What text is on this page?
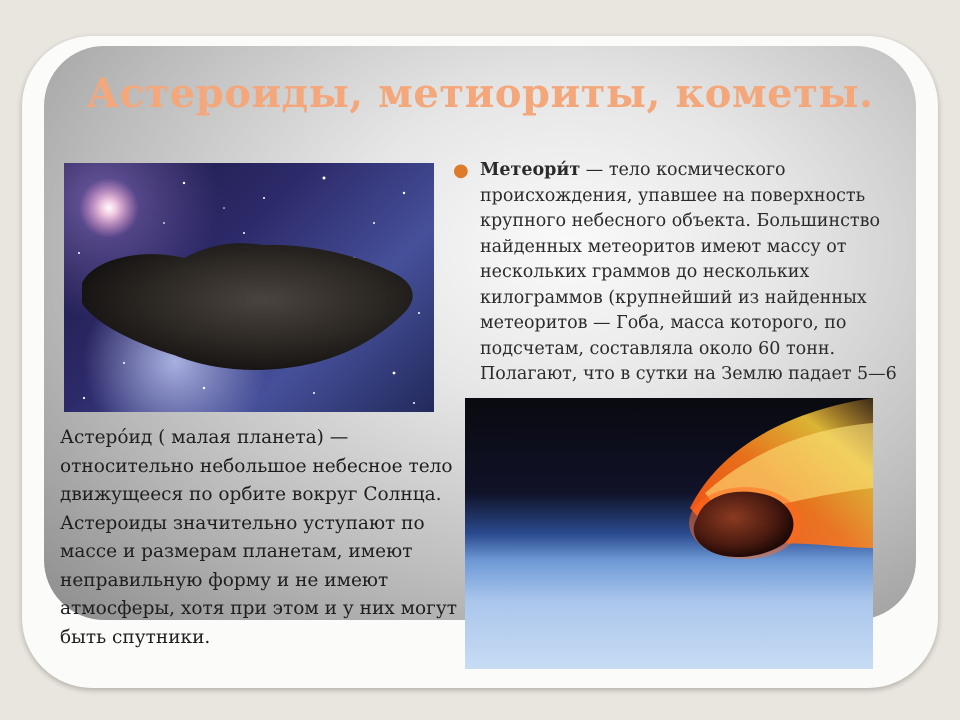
Астероиды, метиориты, кометы.
● Метеори́т — тело космического происхождения, упавшее на поверхность крупного небесного объекта. Большинство найденных метеоритов имеют массу от нескольких граммов до нескольких килограммов (крупнейший из найденных метеоритов — Гоба, масса которого, по подсчетам, составляла около 60 тонн. Полагают, что в сутки на Землю падает 5—6
Астеро́ид ( малая планета) — относительно небольшое небесное тело движущееся по орбите вокруг Солнца. Астероиды значительно уступают по массе и размерам планетам, имеют неправильную форму и не имеют атмосферы, хотя при этом и у них могут быть спутники.
